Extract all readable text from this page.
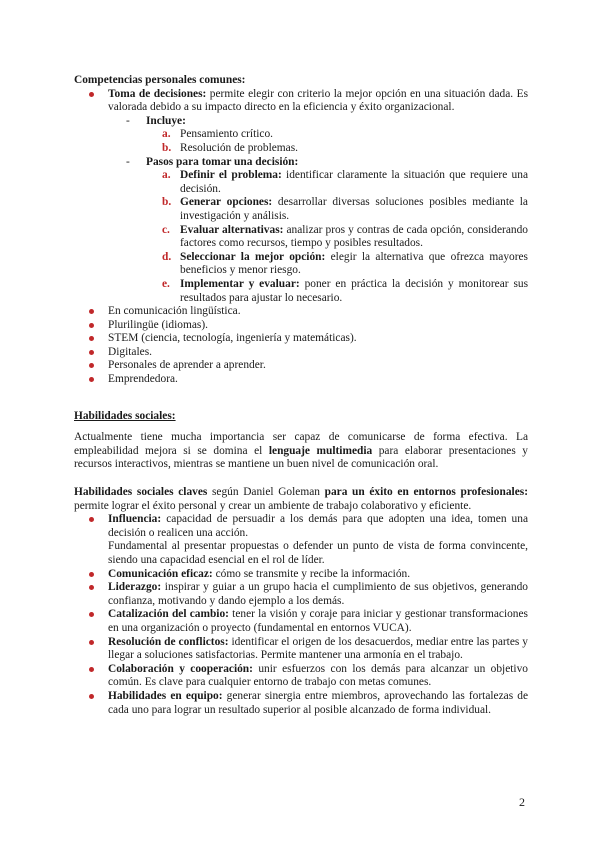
Competencias personales comunes:

Toma de decisiones: permite elegir con criterio la mejor opción en una situación dada. Es valorada debido a su impacto directo en la eficiencia y éxito organizacional.
- Incluye:
a. Pensamiento crítico.
b. Resolución de problemas.
- Pasos para tomar una decisión:
a. Definir el problema: identificar claramente la situación que requiere una decisión.
b. Generar opciones: desarrollar diversas soluciones posibles mediante la investigación y análisis.
c. Evaluar alternativas: analizar pros y contras de cada opción, considerando factores como recursos, tiempo y posibles resultados.
d. Seleccionar la mejor opción: elegir la alternativa que ofrezca mayores beneficios y menor riesgo.
e. Implementar y evaluar: poner en práctica la decisión y monitorear sus resultados para ajustar lo necesario.
En comunicación lingüística.
Plurilingüe (idiomas).
STEM (ciencia, tecnología, ingeniería y matemáticas).
Digitales.
Personales de aprender a aprender.
Emprendedora.

Habilidades sociales:

Actualmente tiene mucha importancia ser capaz de comunicarse de forma efectiva. La empleabilidad mejora si se domina el lenguaje multimedia para elaborar presentaciones y recursos interactivos, mientras se mantiene un buen nivel de comunicación oral.

Habilidades sociales claves según Daniel Goleman para un éxito en entornos profesionales: permite lograr el éxito personal y crear un ambiente de trabajo colaborativo y eficiente.

Influencia: capacidad de persuadir a los demás para que adopten una idea, tomen una decisión o realicen una acción.

Fundamental al presentar propuestas o defender un punto de vista de forma convincente, siendo una capacidad esencial en el rol de líder.

Comunicación eficaz: cómo se transmite y recibe la información.
Liderazgo: inspirar y guiar a un grupo hacia el cumplimiento de sus objetivos, generando confianza, motivando y dando ejemplo a los demás.
Catalización del cambio: tener la visión y coraje para iniciar y gestionar transformaciones en una organización o proyecto (fundamental en entornos VUCA).
Resolución de conflictos: identificar el origen de los desacuerdos, mediar entre las partes y llegar a soluciones satisfactorias. Permite mantener una armonía en el trabajo.
Colaboración y cooperación: unir esfuerzos con los demás para alcanzar un objetivo común. Es clave para cualquier entorno de trabajo con metas comunes.
Habilidades en equipo: generar sinergia entre miembros, aprovechando las fortalezas de cada uno para lograr un resultado superior al posible alcanzado de forma individual.
2
